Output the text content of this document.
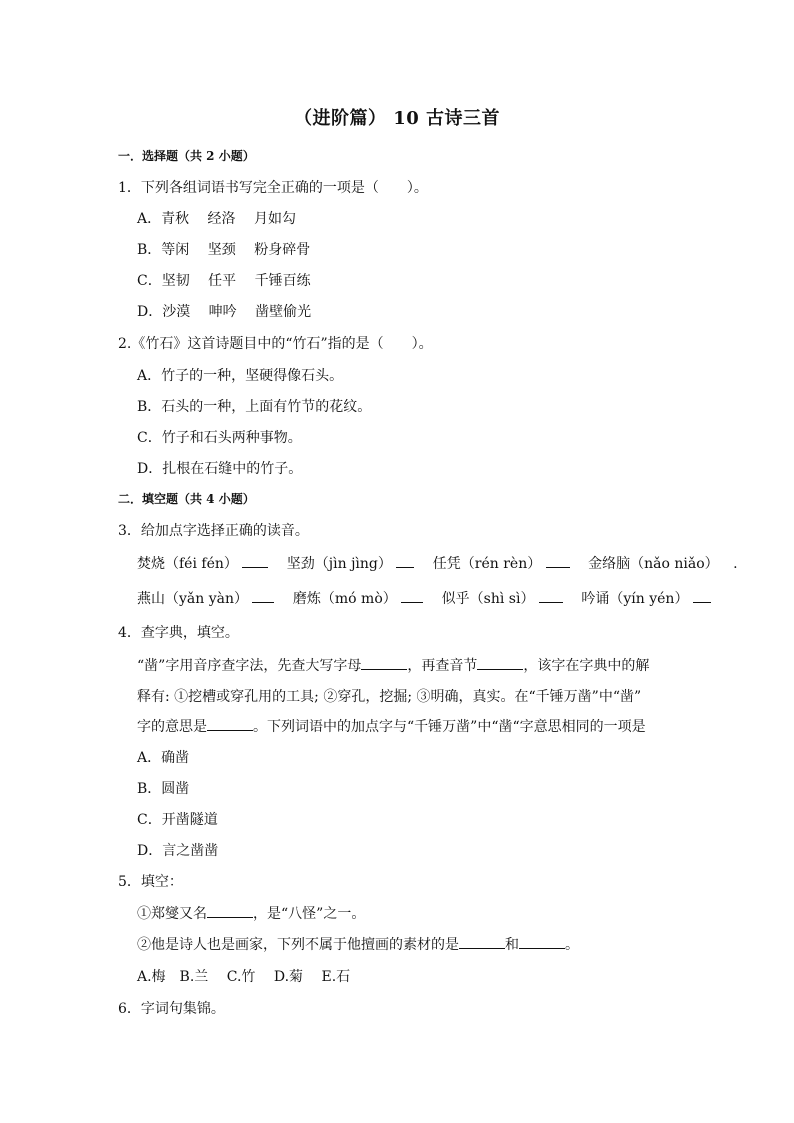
（进阶篇） 10 古诗三首
一．选择题（共 2 小题）
1．下列各组词语书写完全正确的一项是（　　）。
A．青秋　 经洛　 月如勾
B．等闲　 坚颈　 粉身碎骨
C．坚韧　 任平　 千锤百练
D．沙漠　 呻吟　 凿壁偷光
2.《竹石》这首诗题目中的“竹石”指的是（　　）。
A．竹子的一种，坚硬得像石头。
B．石头的一种，上面有竹节的花纹。
C．竹子和石头两种事物。
D．扎根在石缝中的竹子。
二．填空题（共 4 小题）
3．给加点字选择正确的读音。
焚烧（féi fén）	坚劲（jìn jìng）	任凭（rén rèn）	金络脑（nǎo niǎo） .
燕山（yǎn yàn）	磨炼（mó mò）	似乎（shì sì）	吟诵（yín yén）
4．查字典，填空。
“凿”字用音序查字法，先查大写字母	，再查音节	，该字在字典中的解
释有: ①挖槽或穿孔用的工具; ②穿孔，挖掘; ③明确，真实。在“千锤万凿”中“凿”
字的意思是	。下列词语中的加点字与“千锤万凿”中“凿“字意思相同的一项是
A．确凿
B．圆凿
C．开凿隧道
D．言之凿凿
5．填空：
①郑燮又名	，是“八怪”之一。
②他是诗人也是画家，下列不属于他擅画的素材的是	和	。
A.梅　B.兰　 C.竹　 D.菊　 E.石
6．字词句集锦。
